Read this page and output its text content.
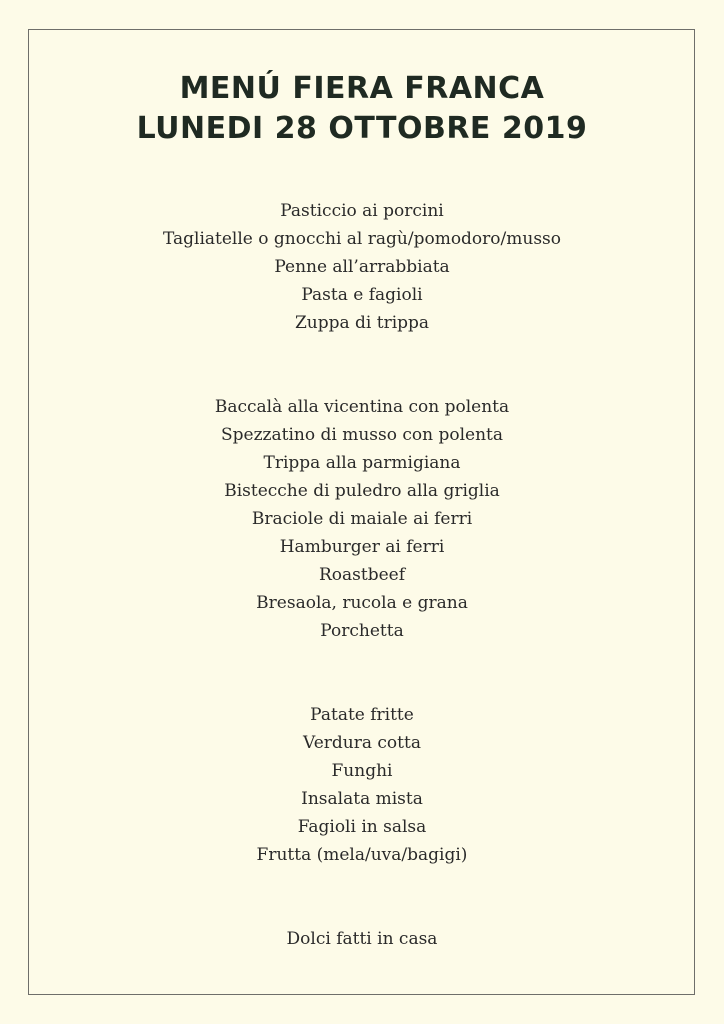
MENÚ FIERA FRANCA
LUNEDI 28 OTTOBRE 2019
Pasticcio ai porcini
Tagliatelle o gnocchi al ragù/pomodoro/musso
Penne all’arrabbiata
Pasta e fagioli
Zuppa di trippa
Baccalà alla vicentina con polenta
Spezzatino di musso con polenta
Trippa alla parmigiana
Bistecche di puledro alla griglia
Braciole di maiale ai ferri
Hamburger ai ferri
Roastbeef
Bresaola, rucola e grana
Porchetta
Patate fritte
Verdura cotta
Funghi
Insalata mista
Fagioli in salsa
Frutta (mela/uva/bagigi)
Dolci fatti in casa
